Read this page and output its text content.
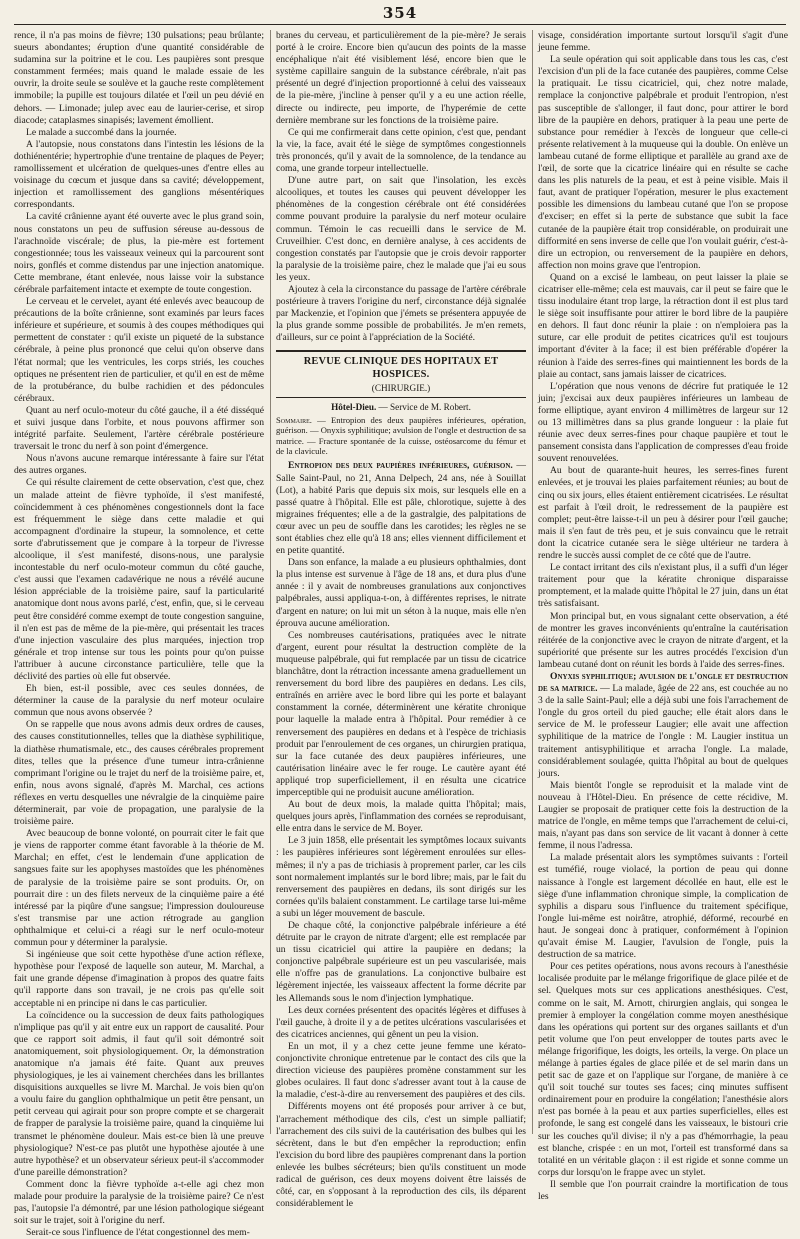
354

rence, il n'a pas moins de fièvre; 130 pulsations; peau brûlante; sueurs abondantes; éruption d'une quantité considérable de sudamina sur la poitrine et le cou. Les paupières sont presque constamment fermées; mais quand le malade essaie de les ouvrir, la droite seule se soulève et la gauche reste complètement immobile; la pupille est toujours dilatée et l'œil un peu dévié en dehors. — Limonade; julep avec eau de laurier-cerise, et sirop diacode; cataplasmes sinapisés; lavement émollient.

Le malade a succombé dans la journée.

A l'autopsie, nous constatons dans l'intestin les lésions de la dothiénentérie; hypertrophie d'une trentaine de plaques de Peyer; ramollissement et ulcération de quelques-unes d'entre elles au voisinage du cœcum et jusque dans sa cavité; développement, injection et ramollissement des ganglions mésentériques correspondants.

La cavité crânienne ayant été ouverte avec le plus grand soin, nous constatons un peu de suffusion séreuse au-dessous de l'arachnoïde viscérale; de plus, la pie-mère est fortement congestionnée; tous les vaisseaux veineux qui la parcourent sont noirs, gonflés et comme distendus par une injection anatomique. Cette membrane, étant enlevée, nous laisse voir la substance cérébrale parfaitement intacte et exempte de toute congestion.

Le cerveau et le cervelet, ayant été enlevés avec beaucoup de précautions de la boîte crânienne, sont examinés par leurs faces inférieure et supérieure, et soumis à des coupes méthodiques qui permettent de constater : qu'il existe un piqueté de la substance cérébrale, à peine plus prononcé que celui qu'on observe dans l'état normal; que les ventricules, les corps striés, les couches optiques ne présentent rien de particulier, et qu'il en est de même de la protubérance, du bulbe rachidien et des pédoncules cérébraux.

Quant au nerf oculo-moteur du côté gauche, il a été disséqué et suivi jusque dans l'orbite, et nous pouvons affirmer son intégrité parfaite. Seulement, l'artère cérébrale postérieure traversait le tronc du nerf à son point d'émergence.

Nous n'avons aucune remarque intéressante à faire sur l'état des autres organes.

Ce qui résulte clairement de cette observation, c'est que, chez un malade atteint de fièvre typhoïde, il s'est manifesté, coïncidemment à ces phénomènes congestionnels dont la face est fréquemment le siège dans cette maladie et qui accompagnent d'ordinaire la stupeur, la somnolence, et cette sorte d'abrutissement que je compare à la torpeur de l'ivresse alcoolique, il s'est manifesté, disons-nous, une paralysie incontestable du nerf oculo-moteur commun du côté gauche, c'est aussi que l'examen cadavérique ne nous a révélé aucune lésion appréciable de la troisième paire, sauf la particularité anatomique dont nous avons parlé, c'est, enfin, que, si le cerveau peut être considéré comme exempt de toute congestion sanguine, il n'en est pas de même de la pie-mère, qui présentait les traces d'une injection vasculaire des plus marquées, injection trop générale et trop intense sur tous les points pour qu'on puisse l'attribuer à aucune circonstance particulière, telle que la déclivité des parties où elle fut observée.

Eh bien, est-il possible, avec ces seules données, de déterminer la cause de la paralysie du nerf moteur oculaire commun que nous avons observée ?

On se rappelle que nous avons admis deux ordres de causes, des causes constitutionnelles, telles que la diathèse syphilitique, la diathèse rhumatismale, etc., des causes cérébrales proprement dites, telles que la présence d'une tumeur intra-crânienne comprimant l'origine ou le trajet du nerf de la troisième paire, et, enfin, nous avons signalé, d'après M. Marchal, ces actions réflexes en vertu desquelles une névralgie de la cinquième paire déterminerait, par voie de propagation, une paralysie de la troisième paire.

Avec beaucoup de bonne volonté, on pourrait citer le fait que je viens de rapporter comme étant favorable à la théorie de M. Marchal; en effet, c'est le lendemain d'une application de sangsues faite sur les apophyses mastoïdes que les phénomènes de paralysie de la troisième paire se sont produits. Or, on pourrait dire : un des filets nerveux de la cinquième paire a été intéressé par la piqûre d'une sangsue; l'impression douloureuse s'est transmise par une action rétrograde au ganglion ophthalmique et celui-ci a réagi sur le nerf oculo-moteur commun pour y déterminer la paralysie.

Si ingénieuse que soit cette hypothèse d'une action réflexe, hypothèse pour l'exposé de laquelle son auteur, M. Marchal, a fait une grande dépense d'imagination à propos des quatre faits qu'il rapporte dans son travail, je ne crois pas qu'elle soit acceptable ni en principe ni dans le cas particulier.

La coïncidence ou la succession de deux faits pathologiques n'implique pas qu'il y ait entre eux un rapport de causalité. Pour que ce rapport soit admis, il faut qu'il soit démontré soit anatomiquement, soit physiologiquement. Or, la démonstration anatomique n'a jamais été faite. Quant aux preuves physiologiques, je les ai vainement cherchées dans les brillantes disquisitions auxquelles se livre M. Marchal. Je vois bien qu'on a voulu faire du ganglion ophthalmique un petit être pensant, un petit cerveau qui agirait pour son propre compte et se chargerait de frapper de paralysie la troisième paire, quand la cinquième lui transmet le phénomène douleur. Mais est-ce bien là une preuve physiologique? N'est-ce pas plutôt une hypothèse ajoutée à une autre hypothèse? et un observateur sérieux peut-il s'accommoder d'une pareille démonstration?

Comment donc la fièvre typhoïde a-t-elle agi chez mon malade pour produire la paralysie de la troisième paire? Ce n'est pas, l'autopsie l'a démontré, par une lésion pathologique siégeant soit sur le trajet, soit à l'origine du nerf.

Serait-ce sous l'influence de l'état congestionnel des mem-

branes du cerveau, et particulièrement de la pie-mère? Je serais porté à le croire. Encore bien qu'aucun des points de la masse encéphalique n'ait été visiblement lésé, encore bien que le système capillaire sanguin de la substance cérébrale, n'ait pas présenté un degré d'injection proportionné à celui des vaisseaux de la pie-mère, j'incline à penser qu'il y a eu une action réelle, directe ou indirecte, peu importe, de l'hyperémie de cette dernière membrane sur les fonctions de la troisième paire.

Ce qui me confirmerait dans cette opinion, c'est que, pendant la vie, la face, avait été le siège de symptômes congestionnels très prononcés, qu'il y avait de la somnolence, de la tendance au coma, une grande torpeur intellectuelle.

D'une autre part, on sait que l'insolation, les excès alcooliques, et toutes les causes qui peuvent développer les phénomènes de la congestion cérébrale ont été considérées comme pouvant produire la paralysie du nerf moteur oculaire commun. Témoin le cas recueilli dans le service de M. Cruveilhier. C'est donc, en dernière analyse, à ces accidents de congestion constatés par l'autopsie que je crois devoir rapporter la paralysie de la troisième paire, chez le malade que j'ai eu sous les yeux.

Ajoutez à cela la circonstance du passage de l'artère cérébrale postérieure à travers l'origine du nerf, circonstance déjà signalée par Mackenzie, et l'opinion que j'émets se présentera appuyée de la plus grande somme possible de probabilités. Je m'en remets, d'ailleurs, sur ce point à l'appréciation de la Société.

REVUE CLINIQUE DES HOPITAUX ET HOSPICES.
(CHIRURGIE.)
Hôtel-Dieu. — Service de M. Robert.

Sommaire. — Entropion des deux paupières inférieures, opération, guérison. — Onyxis syphilitique; avulsion de l'ongle et destruction de sa matrice. — Fracture spontanée de la cuisse, ostéosarcome du fémur et de la clavicule.

Entropion des deux paupières inférieures, guérison. — Salle Saint-Paul, no 21, Anna Delpech, 24 ans, née à Souillat (Lot), a habité Paris que depuis six mois, sur lesquels elle en a passé quatre à l'hôpital. Elle est pâle, chlorotique, sujette à des migraines fréquentes; elle a de la gastralgie, des palpitations de cœur avec un peu de souffle dans les carotides; les règles ne se sont établies chez elle qu'à 18 ans; elles viennent difficilement et en petite quantité.

Dans son enfance, la malade a eu plusieurs ophthalmies, dont la plus intense est survenue à l'âge de 18 ans, et dura plus d'une année : il y avait de nombreuses granulations aux conjonctives palpébrales, aussi appliqua-t-on, à différentes reprises, le nitrate d'argent en nature; on lui mit un séton à la nuque, mais elle n'en éprouva aucune amélioration.

Ces nombreuses cautérisations, pratiquées avec le nitrate d'argent, eurent pour résultat la destruction complète de la muqueuse palpébrale, qui fut remplacée par un tissu de cicatrice blanchâtre, dont la rétraction incessante amena graduellement un renversement du bord libre des paupières en dedans. Les cils, entraînés en arrière avec le bord libre qui les porte et balayant constamment la cornée, déterminèrent une kératite chronique pour laquelle la malade entra à l'hôpital. Pour remédier à ce renversement des paupières en dedans et à l'espèce de trichiasis produit par l'enroulement de ces organes, un chirurgien pratiqua, sur la face cutanée des deux paupières inférieures, une cautérisation linéaire avec le fer rouge. Le cautère ayant été appliqué trop superficiellement, il en résulta une cicatrice imperceptible qui ne produisit aucune amélioration.

Au bout de deux mois, la malade quitta l'hôpital; mais, quelques jours après, l'inflammation des cornées se reproduisant, elle entra dans le service de M. Boyer.

Le 3 juin 1858, elle présentait les symptômes locaux suivants : les paupières inférieures sont légèrement enroulées sur elles-mêmes; il n'y a pas de trichiasis à proprement parler, car les cils sont normalement implantés sur le bord libre; mais, par le fait du renversement des paupières en dedans, ils sont dirigés sur les cornées qu'ils balaient constamment. Le cartilage tarse lui-même a subi un léger mouvement de bascule.

De chaque côté, la conjonctive palpébrale inférieure a été détruite par le crayon de nitrate d'argent; elle est remplacée par un tissu cicatriciel qui attire la paupière en dedans; la conjonctive palpébrale supérieure est un peu vascularisée, mais elle n'offre pas de granulations. La conjonctive bulbaire est légèrement injectée, les vaisseaux affectent la forme décrite par les Allemands sous le nom d'injection lymphatique.

Les deux cornées présentent des opacités légères et diffuses à l'œil gauche, à droite il y a de petites ulcérations vascularisées et des cicatrices anciennes, qui gênent un peu la vision.

En un mot, il y a chez cette jeune femme une kérato-conjonctivite chronique entretenue par le contact des cils que la direction vicieuse des paupières promène constamment sur les globes oculaires. Il faut donc s'adresser avant tout à la cause de la maladie, c'est-à-dire au renversement des paupières et des cils.

Différents moyens ont été proposés pour arriver à ce but, l'arrachement méthodique des cils, c'est un simple palliatif; l'arrachement des cils suivi de la cautérisation des bulbes qui les sécrètent, dans le but d'en empêcher la reproduction; enfin l'excision du bord libre des paupières comprenant dans la portion enlevée les bulbes sécréteurs; bien qu'ils constituent un mode radical de guérison, ces deux moyens doivent être laissés de côté, car, en s'opposant à la reproduction des cils, ils déparent considérablement le

visage, considération importante surtout lorsqu'il s'agit d'une jeune femme.

La seule opération qui soit applicable dans tous les cas, c'est l'excision d'un pli de la face cutanée des paupières, comme Celse la pratiquait. Le tissu cicatriciel, qui, chez notre malade, remplace la conjonctive palpébrale et produit l'entropion, n'est pas susceptible de s'allonger, il faut donc, pour attirer le bord libre de la paupière en dehors, pratiquer à la peau une perte de substance pour remédier à l'excès de longueur que celle-ci présente relativement à la muqueuse qui la double. On enlève un lambeau cutané de forme elliptique et parallèle au grand axe de l'œil, de sorte que la cicatrice linéaire qui en résulte se cache dans les plis naturels de la peau, et est à peine visible. Mais il faut, avant de pratiquer l'opération, mesurer le plus exactement possible les dimensions du lambeau cutané que l'on se propose d'exciser; en effet si la perte de substance que subit la face cutanée de la paupière était trop considérable, on produirait une difformité en sens inverse de celle que l'on voulait guérir, c'est-à-dire un ectropion, ou renversement de la paupière en dehors, affection non moins grave que l'entropion.

Quand on a excisé le lambeau, on peut laisser la plaie se cicatriser elle-même; cela est mauvais, car il peut se faire que le tissu inodulaire étant trop large, la rétraction dont il est plus tard le siège soit insuffisante pour attirer le bord libre de la paupière en dehors. Il faut donc réunir la plaie : on n'emploiera pas la suture, car elle produit de petites cicatrices qu'il est toujours important d'éviter à la face; il est bien préférable d'opérer la réunion à l'aide des serres-fines qui maintiennent les bords de la plaie au contact, sans jamais laisser de cicatrices.

L'opération que nous venons de décrire fut pratiquée le 12 juin; j'excisai aux deux paupières inférieures un lambeau de forme elliptique, ayant environ 4 millimètres de largeur sur 12 ou 13 millimètres dans sa plus grande longueur : la plaie fut réunie avec deux serres-fines pour chaque paupière et tout le pansement consista dans l'application de compresses d'eau froide souvent renouvelées.

Au bout de quarante-huit heures, les serres-fines furent enlevées, et je trouvai les plaies parfaitement réunies; au bout de cinq ou six jours, elles étaient entièrement cicatrisées. Le résultat est parfait à l'œil droit, le redressement de la paupière est complet; peut-être laisse-t-il un peu à désirer pour l'œil gauche; mais il s'en faut de très peu, et je suis convaincu que le retrait dont la cicatrice cutanée sera le siège ultérieur ne tardera à rendre le succès aussi complet de ce côté que de l'autre.

Le contact irritant des cils n'existant plus, il a suffi d'un léger traitement pour que la kératite chronique disparaisse promptement, et la malade quitte l'hôpital le 27 juin, dans un état très satisfaisant.

Mon principal but, en vous signalant cette observation, a été de montrer les graves inconvénients qu'entraîne la cautérisation réitérée de la conjonctive avec le crayon de nitrate d'argent, et la supériorité que présente sur les autres procédés l'excision d'un lambeau cutané dont on réunit les bords à l'aide des serres-fines.

Onyxis syphilitique; avulsion de l'ongle et destruction de sa matrice. — La malade, âgée de 22 ans, est couchée au no 3 de la salle Saint-Paul; elle a déjà subi une fois l'arrachement de l'ongle du gros orteil du pied gauche; elle était alors dans le service de M. le professeur Laugier; elle avait une affection syphilitique de la matrice de l'ongle : M. Laugier institua un traitement antisyphilitique et arracha l'ongle. La malade, considérablement soulagée, quitta l'hôpital au bout de quelques jours.

Mais bientôt l'ongle se reproduisit et la malade vint de nouveau à l'Hôtel-Dieu. En présence de cette récidive, M. Laugier se proposait de pratiquer cette fois la destruction de la matrice de l'ongle, en même temps que l'arrachement de celui-ci, mais, n'ayant pas dans son service de lit vacant à donner à cette femme, il nous l'adressa.

La malade présentait alors les symptômes suivants : l'orteil est tuméfié, rouge violacé, la portion de peau qui donne naissance à l'ongle est largement décollée en haut, elle est le siège d'une inflammation chronique simple, la complication de syphilis a disparu sous l'influence du traitement spécifique, l'ongle lui-même est noirâtre, atrophié, déformé, recourbé en haut. Je songeai donc à pratiquer, conformément à l'opinion qu'avait émise M. Laugier, l'avulsion de l'ongle, puis la destruction de sa matrice.

Pour ces petites opérations, nous avons recours à l'anesthésie localisée produite par le mélange frigorifique de glace pilée et de sel. Quelques mots sur ces applications anesthésiques. C'est, comme on le sait, M. Arnott, chirurgien anglais, qui songea le premier à employer la congélation comme moyen anesthésique dans les opérations qui portent sur des organes saillants et d'un petit volume que l'on peut envelopper de toutes parts avec le mélange frigorifique, les doigts, les orteils, la verge. On place un mélange à parties égales de glace pilée et de sel marin dans un petit sac de gaze et on l'applique sur l'organe, de manière à ce qu'il soit touché sur toutes ses faces; cinq minutes suffisent ordinairement pour en produire la congélation; l'anesthésie alors n'est pas bornée à la peau et aux parties superficielles, elles est profonde, le sang est congelé dans les vaisseaux, le bistouri crie sur les couches qu'il divise; il n'y a pas d'hémorrhagie, la peau est blanche, crispée : en un mot, l'orteil est transformé dans sa totalité en un véritable glaçon : il est rigide et sonne comme un corps dur lorsqu'on le frappe avec un stylet.

Il semble que l'on pourrait craindre la mortification de tous les
